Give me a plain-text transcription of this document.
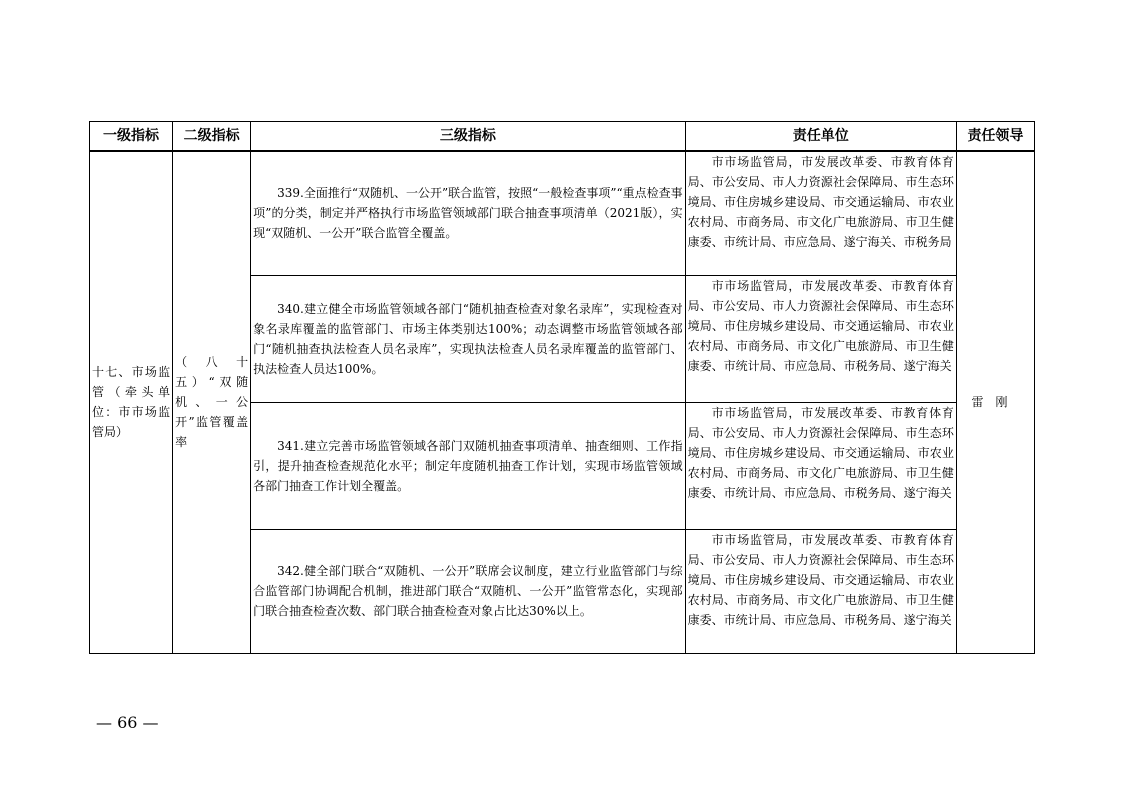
一级指标	二级指标	三级指标	责任单位	责任领导
十七、市场监管（牵头单位：市市场监管局）	（八十五）“双随机、一公开”监管覆盖率	339.全面推行“双随机、一公开”联合监管，按照“一般检查事项”“重点检查事项”的分类，制定并严格执行市场监管领域部门联合抽查事项清单（2021版），实现“双随机、一公开”联合监管全覆盖。	市市场监管局，市发展改革委、市教育体育局、市公安局、市人力资源社会保障局、市生态环境局、市住房城乡建设局、市交通运输局、市农业农村局、市商务局、市文化广电旅游局、市卫生健康委、市统计局、市应急局、遂宁海关、市税务局	雷刚
		340.建立健全市场监管领域各部门“随机抽查检查对象名录库”，实现检查对象名录库覆盖的监管部门、市场主体类别达100%；动态调整市场监管领域各部门“随机抽查执法检查人员名录库”，实现执法检查人员名录库覆盖的监管部门、执法检查人员达100%。	市市场监管局，市发展改革委、市教育体育局、市公安局、市人力资源社会保障局、市生态环境局、市住房城乡建设局、市交通运输局、市农业农村局、市商务局、市文化广电旅游局、市卫生健康委、市统计局、市应急局、市税务局、遂宁海关	
		341.建立完善市场监管领域各部门双随机抽查事项清单、抽查细则、工作指引，提升抽查检查规范化水平；制定年度随机抽查工作计划，实现市场监管领域各部门抽查工作计划全覆盖。	市市场监管局，市发展改革委、市教育体育局、市公安局、市人力资源社会保障局、市生态环境局、市住房城乡建设局、市交通运输局、市农业农村局、市商务局、市文化广电旅游局、市卫生健康委、市统计局、市应急局、市税务局、遂宁海关	
		342.健全部门联合“双随机、一公开”联席会议制度，建立行业监管部门与综合监管部门协调配合机制，推进部门联合“双随机、一公开”监管常态化，实现部门联合抽查检查次数、部门联合抽查检查对象占比达30%以上。	市市场监管局，市发展改革委、市教育体育局、市公安局、市人力资源社会保障局、市生态环境局、市住房城乡建设局、市交通运输局、市农业农村局、市商务局、市文化广电旅游局、市卫生健康委、市统计局、市应急局、市税务局、遂宁海关	
— 66 —
